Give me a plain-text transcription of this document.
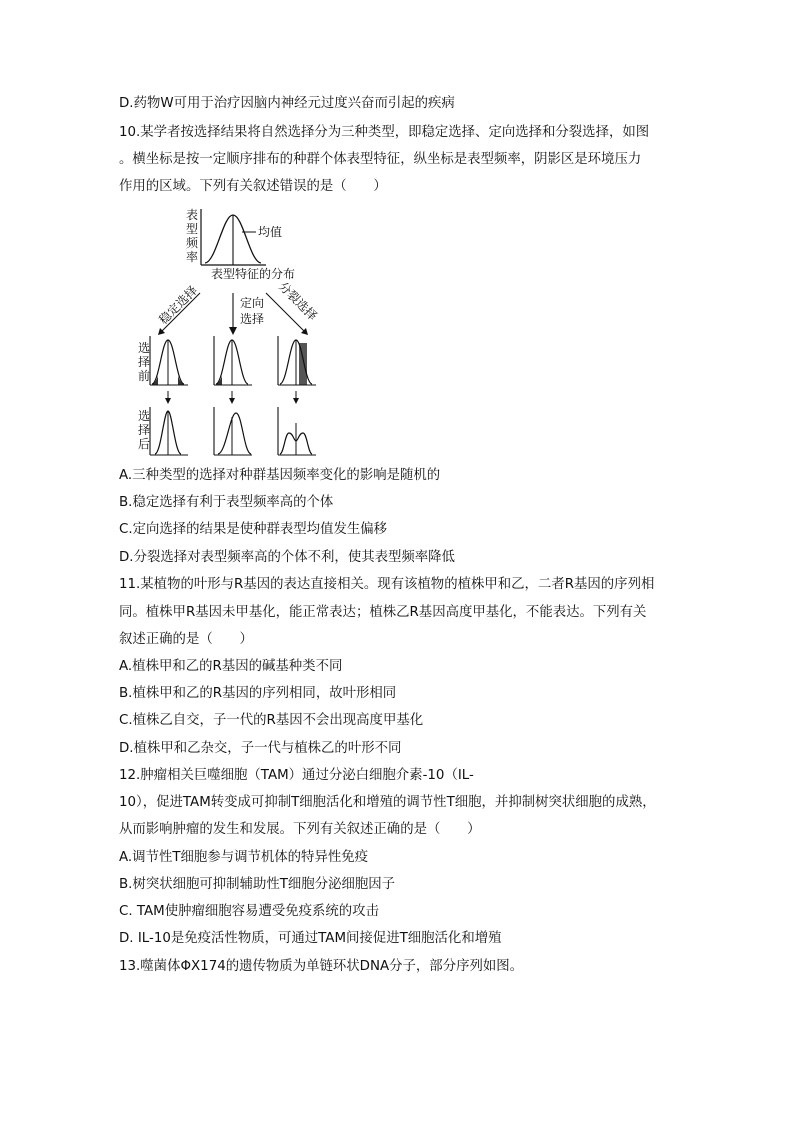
D.药物W可用于治疗因脑内神经元过度兴奋而引起的疾病
10.某学者按选择结果将自然选择分为三种类型，即稳定选择、定向选择和分裂选择，如图
。横坐标是按一定顺序排布的种群个体表型特征，纵坐标是表型频率，阴影区是环境压力
作用的区域。下列有关叙述错误的是（　　）
表
型
频
率
均值
表型特征的分布
稳定选择	定向
选择 分裂选择
选
择
前
选
择
后
A.三种类型的选择对种群基因频率变化的影响是随机的
B.稳定选择有利于表型频率高的个体
C.定向选择的结果是使种群表型均值发生偏移
D.分裂选择对表型频率高的个体不利，使其表型频率降低
11.某植物的叶形与R基因的表达直接相关。现有该植物的植株甲和乙，二者R基因的序列相
同。植株甲R基因未甲基化，能正常表达；植株乙R基因高度甲基化，不能表达。下列有关
叙述正确的是（　　）
A.植株甲和乙的R基因的碱基种类不同
B.植株甲和乙的R基因的序列相同，故叶形相同
C.植株乙自交，子一代的R基因不会出现高度甲基化
D.植株甲和乙杂交，子一代与植株乙的叶形不同
12.肿瘤相关巨噬细胞（TAM）通过分泌白细胞介素-10（IL-
10），促进TAM转变成可抑制T细胞活化和增殖的调节性T细胞，并抑制树突状细胞的成熟，
从而影响肿瘤的发生和发展。下列有关叙述正确的是（　　）
A.调节性T细胞参与调节机体的特异性免疫
B.树突状细胞可抑制辅助性T细胞分泌细胞因子
C. TAM使肿瘤细胞容易遭受免疫系统的攻击
D. IL-10是免疫活性物质，可通过TAM间接促进T细胞活化和增殖
13.噬菌体ΦX174的遗传物质为单链环状DNA分子，部分序列如图。
